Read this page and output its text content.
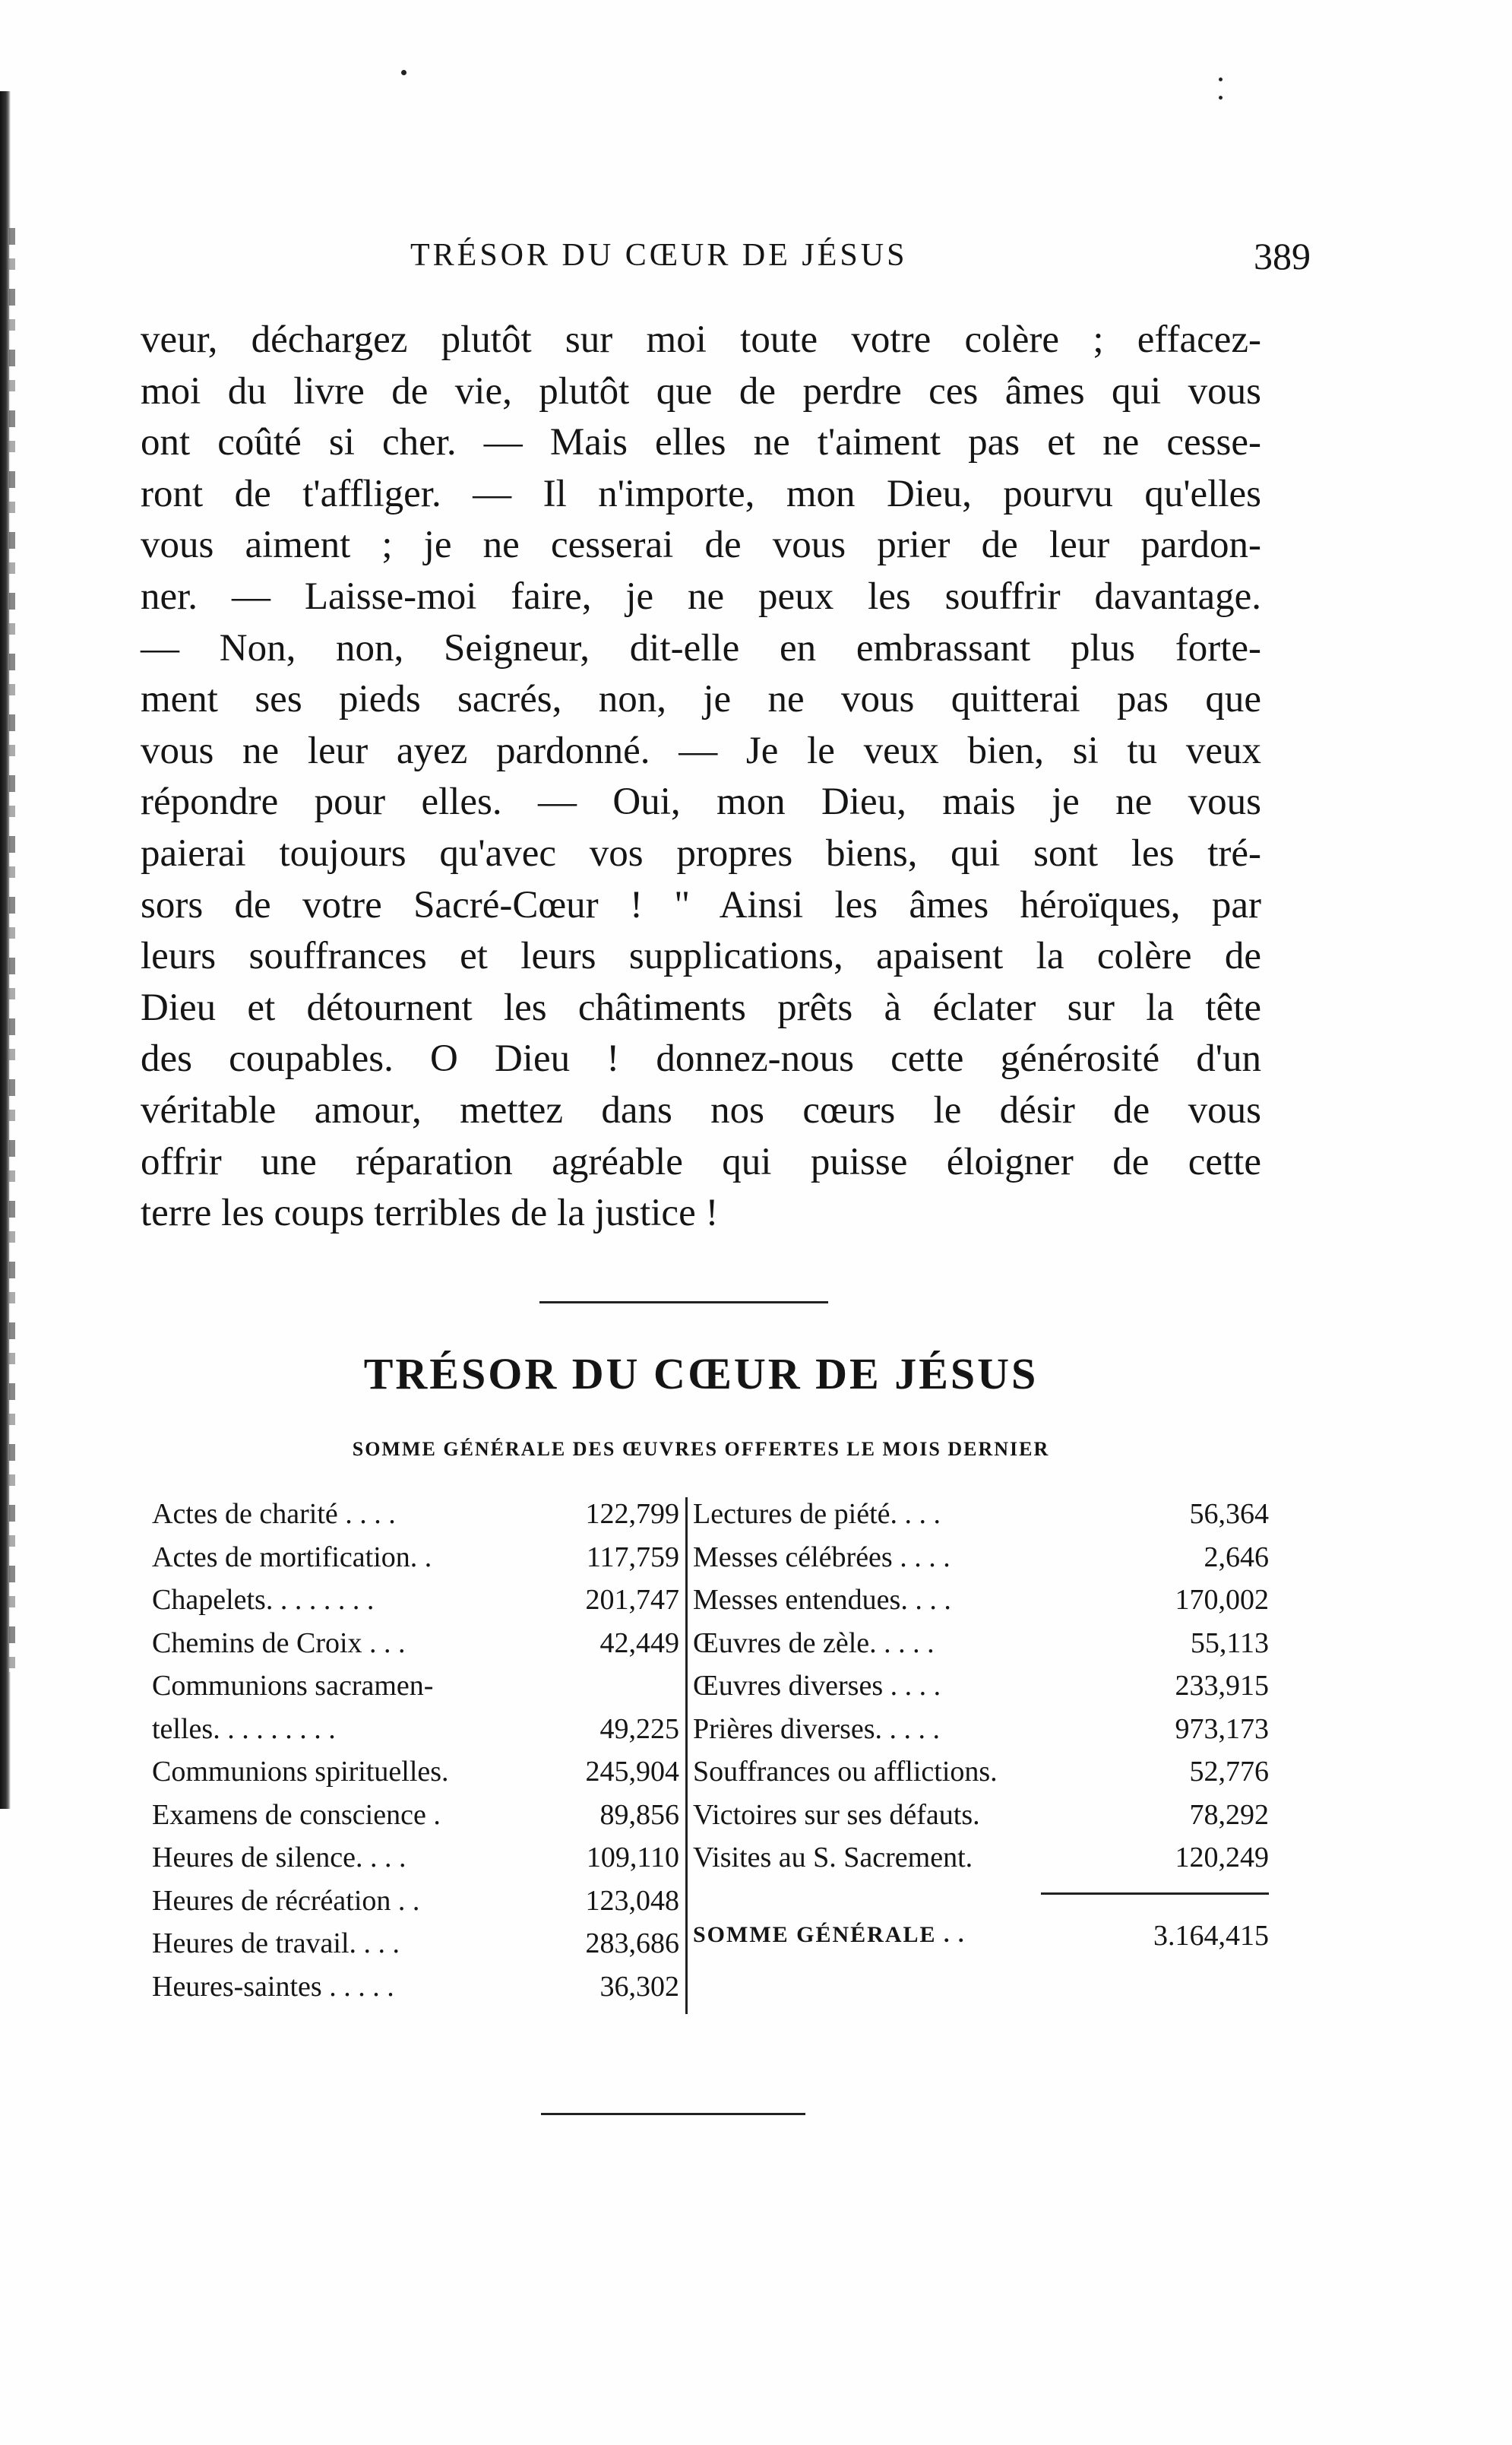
TRÉSOR DU CŒUR DE JÉSUS	389
veur, déchargez plutôt sur moi toute votre colère ; effacez-
moi du livre de vie, plutôt que de perdre ces âmes qui vous
ont coûté si cher. — Mais elles ne t'aiment pas et ne cesse-
ront de t'affliger. — Il n'importe, mon Dieu, pourvu qu'elles
vous aiment ; je ne cesserai de vous prier de leur pardon-
ner. — Laisse-moi faire, je ne peux les souffrir davantage.
— Non, non, Seigneur, dit-elle en embrassant plus forte-
ment ses pieds sacrés, non, je ne vous quitterai pas que
vous ne leur ayez pardonné. — Je le veux bien, si tu veux
répondre pour elles. — Oui, mon Dieu, mais je ne vous
paierai toujours qu'avec vos propres biens, qui sont les tré-
sors de votre Sacré-Cœur ! " Ainsi les âmes héroïques, par
leurs souffrances et leurs supplications, apaisent la colère de
Dieu et détournent les châtiments prêts à éclater sur la tête
des coupables. O Dieu ! donnez-nous cette générosité d'un
véritable amour, mettez dans nos cœurs le désir de vous
offrir une réparation agréable qui puisse éloigner de cette
terre les coups terribles de la justice !
TRÉSOR DU CŒUR DE JÉSUS
SOMME GÉNÉRALE DES ŒUVRES OFFERTES LE MOIS DERNIER
Actes de charité . . . .	122,799
Actes de mortification. .	117,759
Chapelets. . . . . . . .	201,747
Chemins de Croix . . .	42,449
Communions sacramen-
telles. . . . . . . . .	49,225
Communions spirituelles.	245,904
Examens de conscience .	89,856
Heures de silence. . . .	109,110
Heures de récréation . .	123,048
Heures de travail. . . .	283,686
Heures-saintes . . . . .	36,302
Lectures de piété. . . .	56,364
Messes célébrées . . . .	2,646
Messes entendues. . . .	170,002
Œuvres de zèle. . . . .	55,113
Œuvres diverses . . . .	233,915
Prières diverses. . . . .	973,173
Souffrances ou afflictions.	52,776
Victoires sur ses défauts.	78,292
Visites au S. Sacrement.	120,249
SOMME GÉNÉRALE . .	3.164,415
